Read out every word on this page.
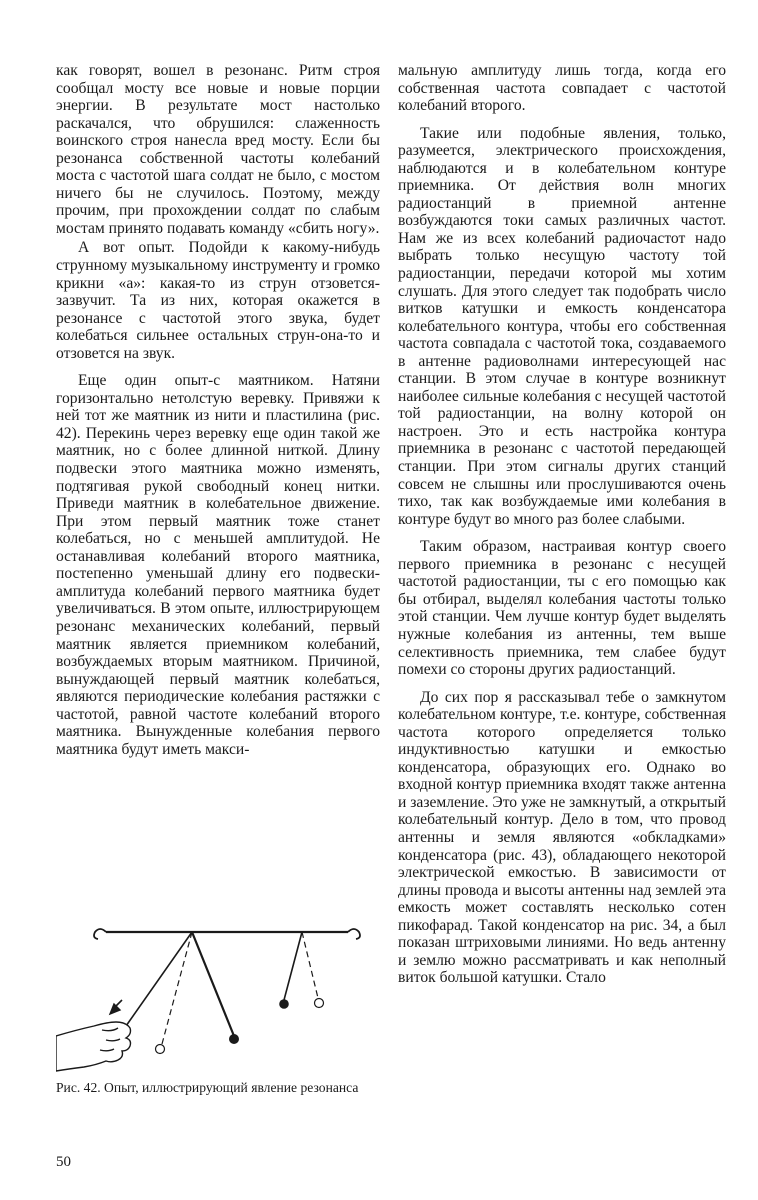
как говорят, вошел в резонанс. Ритм строя сообщал мосту все новые и новые порции энергии. В результате мост настолько раскачался, что обрушился: слаженность воинского строя нанесла вред мосту. Если бы резонанса собственной частоты колебаний моста с частотой шага солдат не было, с мостом ничего бы не случилось. Поэтому, между прочим, при прохождении солдат по слабым мостам принято подавать команду «сбить ногу».

А вот опыт. Подойди к какому-нибудь струнному музыкальному инструменту и громко крикни «а»: какая-то из струн отзовется-зазвучит. Та из них, которая окажется в резонансе с частотой этого звука, будет колебаться сильнее остальных струн-она-то и отзовется на звук.

Еще один опыт-с маятником. Натяни горизонтально нетолстую веревку. Привяжи к ней тот же маятник из нити и пластилина (рис. 42). Перекинь через веревку еще один такой же маятник, но с более длинной ниткой. Длину подвески этого маятника можно изменять, подтягивая рукой свободный конец нитки. Приведи маятник в колебательное движение. При этом первый маятник тоже станет колебаться, но с меньшей амплитудой. Не останавливая колебаний второго маятника, постепенно уменьшай длину его подвески-амплитуда колебаний первого маятника будет увеличиваться. В этом опыте, иллюстрирующем резонанс механических колебаний, первый маятник является приемником колебаний, возбуждаемых вторым маятником. Причиной, вынуждающей первый маятник колебаться, являются периодические колебания растяжки с частотой, равной частоте колебаний второго маятника. Вынужденные колебания первого маятника будут иметь макси-

мальную амплитуду лишь тогда, когда его собственная частота совпадает с частотой колебаний второго.

Такие или подобные явления, только, разумеется, электрического происхождения, наблюдаются и в колебательном контуре приемника. От действия волн многих радиостанций в приемной антенне возбуждаются токи самых различных частот. Нам же из всех колебаний радиочастот надо выбрать только несущую частоту той радиостанции, передачи которой мы хотим слушать. Для этого следует так подобрать число витков катушки и емкость конденсатора колебательного контура, чтобы его собственная частота совпадала с частотой тока, создаваемого в антенне радиоволнами интересующей нас станции. В этом случае в контуре возникнут наиболее сильные колебания с несущей частотой той радиостанции, на волну которой он настроен. Это и есть настройка контура приемника в резонанс с частотой передающей станции. При этом сигналы других станций совсем не слышны или прослушиваются очень тихо, так как возбуждаемые ими колебания в контуре будут во много раз более слабыми.

Таким образом, настраивая контур своего первого приемника в резонанс с несущей частотой радиостанции, ты с его помощью как бы отбирал, выделял колебания частоты только этой станции. Чем лучше контур будет выделять нужные колебания из антенны, тем выше селективность приемника, тем слабее будут помехи со стороны других радиостанций.

До сих пор я рассказывал тебе о замкнутом колебательном контуре, т.е. контуре, собственная частота которого определяется только индуктивностью катушки и емкостью конденсатора, образующих его. Однако во входной контур приемника входят также антенна и заземление. Это уже не замкнутый, а открытый колебательный контур. Дело в том, что провод антенны и земля являются «обкладками» конденсатора (рис. 43), обладающего некоторой электрической емкостью. В зависимости от длины провода и высоты антенны над землей эта емкость может составлять несколько сотен пикофарад. Такой конденсатор на рис. 34, а был показан штриховыми линиями. Но ведь антенну и землю можно рассматривать и как неполный виток большой катушки. Стало

Рис. 42. Опыт, иллюстрирующий явление резонанса
50
